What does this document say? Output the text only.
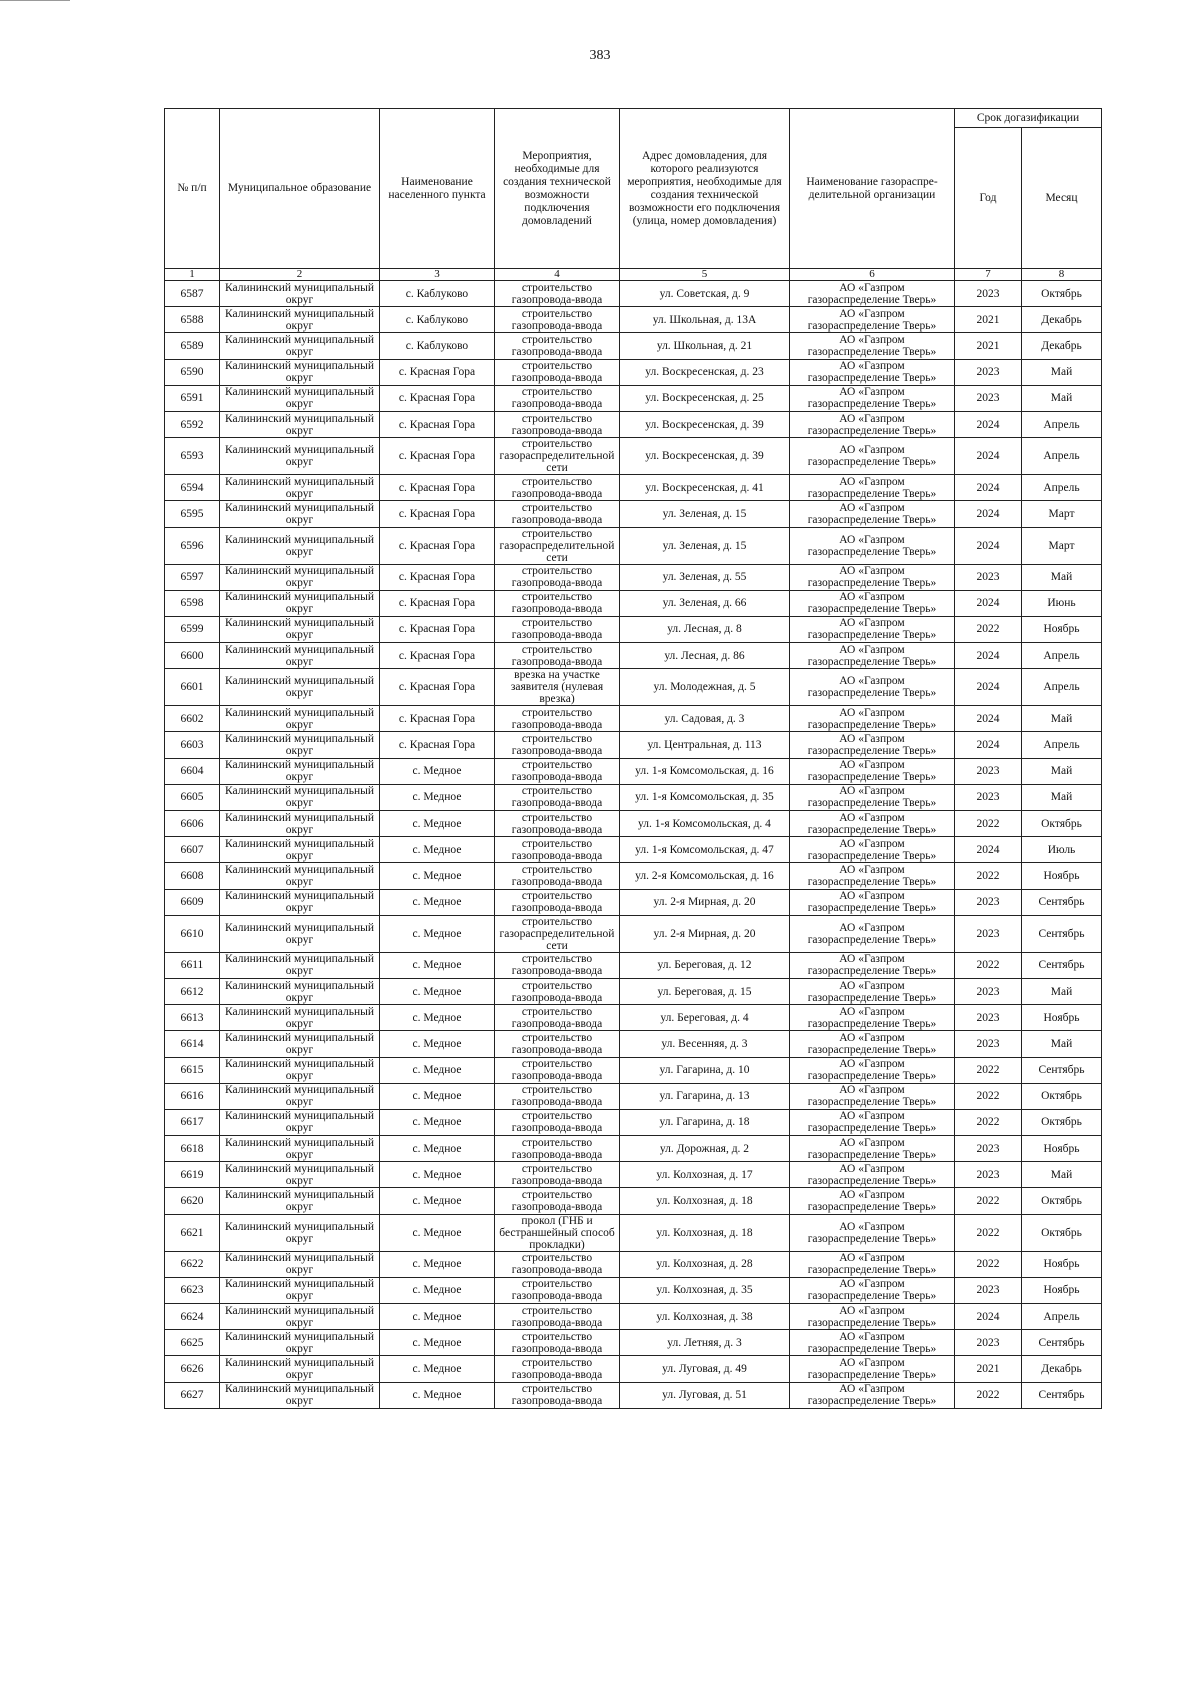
383
№ п/п	Муниципальное образование	Наименование населенного пункта	Мероприятия, необходимые для создания технической возможности подключения домовладений	Адрес домовладения, для которого реализуются мероприятия, необходимые для создания технической возможности его подключения (улица, номер домовладения)	Наименование газораспре-делительной организации	Срок догазификации	
						Год	Месяц
1	2	3	4	5	6	7	8
6587	Калининский муниципальный округ	с. Каблуково	строительство газопровода-ввода	ул. Советская, д. 9	АО «Газпром газораспределение Тверь»	2023	Октябрь
6588	Калининский муниципальный округ	с. Каблуково	строительство газопровода-ввода	ул. Школьная, д. 13А	АО «Газпром газораспределение Тверь»	2021	Декабрь
6589	Калининский муниципальный округ	с. Каблуково	строительство газопровода-ввода	ул. Школьная, д. 21	АО «Газпром газораспределение Тверь»	2021	Декабрь
6590	Калининский муниципальный округ	с. Красная Гора	строительство газопровода-ввода	ул. Воскресенская, д. 23	АО «Газпром газораспределение Тверь»	2023	Май
6591	Калининский муниципальный округ	с. Красная Гора	строительство газопровода-ввода	ул. Воскресенская, д. 25	АО «Газпром газораспределение Тверь»	2023	Май
6592	Калининский муниципальный округ	с. Красная Гора	строительство газопровода-ввода	ул. Воскресенская, д. 39	АО «Газпром газораспределение Тверь»	2024	Апрель
6593	Калининский муниципальный округ	с. Красная Гора	строительство газораспределительной сети	ул. Воскресенская, д. 39	АО «Газпром газораспределение Тверь»	2024	Апрель
6594	Калининский муниципальный округ	с. Красная Гора	строительство газопровода-ввода	ул. Воскресенская, д. 41	АО «Газпром газораспределение Тверь»	2024	Апрель
6595	Калининский муниципальный округ	с. Красная Гора	строительство газопровода-ввода	ул. Зеленая, д. 15	АО «Газпром газораспределение Тверь»	2024	Март
6596	Калининский муниципальный округ	с. Красная Гора	строительство газораспределительной сети	ул. Зеленая, д. 15	АО «Газпром газораспределение Тверь»	2024	Март
6597	Калининский муниципальный округ	с. Красная Гора	строительство газопровода-ввода	ул. Зеленая, д. 55	АО «Газпром газораспределение Тверь»	2023	Май
6598	Калининский муниципальный округ	с. Красная Гора	строительство газопровода-ввода	ул. Зеленая, д. 66	АО «Газпром газораспределение Тверь»	2024	Июнь
6599	Калининский муниципальный округ	с. Красная Гора	строительство газопровода-ввода	ул. Лесная, д. 8	АО «Газпром газораспределение Тверь»	2022	Ноябрь
6600	Калининский муниципальный округ	с. Красная Гора	строительство газопровода-ввода	ул. Лесная, д. 86	АО «Газпром газораспределение Тверь»	2024	Апрель
6601	Калининский муниципальный округ	с. Красная Гора	врезка на участке заявителя (нулевая врезка)	ул. Молодежная, д. 5	АО «Газпром газораспределение Тверь»	2024	Апрель
6602	Калининский муниципальный округ	с. Красная Гора	строительство газопровода-ввода	ул. Садовая, д. 3	АО «Газпром газораспределение Тверь»	2024	Май
6603	Калининский муниципальный округ	с. Красная Гора	строительство газопровода-ввода	ул. Центральная, д. 113	АО «Газпром газораспределение Тверь»	2024	Апрель
6604	Калининский муниципальный округ	с. Медное	строительство газопровода-ввода	ул. 1-я Комсомольская, д. 16	АО «Газпром газораспределение Тверь»	2023	Май
6605	Калининский муниципальный округ	с. Медное	строительство газопровода-ввода	ул. 1-я Комсомольская, д. 35	АО «Газпром газораспределение Тверь»	2023	Май
6606	Калининский муниципальный округ	с. Медное	строительство газопровода-ввода	ул. 1-я Комсомольская, д. 4	АО «Газпром газораспределение Тверь»	2022	Октябрь
6607	Калининский муниципальный округ	с. Медное	строительство газопровода-ввода	ул. 1-я Комсомольская, д. 47	АО «Газпром газораспределение Тверь»	2024	Июль
6608	Калининский муниципальный округ	с. Медное	строительство газопровода-ввода	ул. 2-я Комсомольская, д. 16	АО «Газпром газораспределение Тверь»	2022	Ноябрь
6609	Калининский муниципальный округ	с. Медное	строительство газопровода-ввода	ул. 2-я Мирная, д. 20	АО «Газпром газораспределение Тверь»	2023	Сентябрь
6610	Калининский муниципальный округ	с. Медное	строительство газораспределительной сети	ул. 2-я Мирная, д. 20	АО «Газпром газораспределение Тверь»	2023	Сентябрь
6611	Калининский муниципальный округ	с. Медное	строительство газопровода-ввода	ул. Береговая, д. 12	АО «Газпром газораспределение Тверь»	2022	Сентябрь
6612	Калининский муниципальный округ	с. Медное	строительство газопровода-ввода	ул. Береговая, д. 15	АО «Газпром газораспределение Тверь»	2023	Май
6613	Калининский муниципальный округ	с. Медное	строительство газопровода-ввода	ул. Береговая, д. 4	АО «Газпром газораспределение Тверь»	2023	Ноябрь
6614	Калининский муниципальный округ	с. Медное	строительство газопровода-ввода	ул. Весенняя, д. 3	АО «Газпром газораспределение Тверь»	2023	Май
6615	Калининский муниципальный округ	с. Медное	строительство газопровода-ввода	ул. Гагарина, д. 10	АО «Газпром газораспределение Тверь»	2022	Сентябрь
6616	Калининский муниципальный округ	с. Медное	строительство газопровода-ввода	ул. Гагарина, д. 13	АО «Газпром газораспределение Тверь»	2022	Октябрь
6617	Калининский муниципальный округ	с. Медное	строительство газопровода-ввода	ул. Гагарина, д. 18	АО «Газпром газораспределение Тверь»	2022	Октябрь
6618	Калининский муниципальный округ	с. Медное	строительство газопровода-ввода	ул. Дорожная, д. 2	АО «Газпром газораспределение Тверь»	2023	Ноябрь
6619	Калининский муниципальный округ	с. Медное	строительство газопровода-ввода	ул. Колхозная, д. 17	АО «Газпром газораспределение Тверь»	2023	Май
6620	Калининский муниципальный округ	с. Медное	строительство газопровода-ввода	ул. Колхозная, д. 18	АО «Газпром газораспределение Тверь»	2022	Октябрь
6621	Калининский муниципальный округ	с. Медное	прокол (ГНБ и бестраншейный способ прокладки)	ул. Колхозная, д. 18	АО «Газпром газораспределение Тверь»	2022	Октябрь
6622	Калининский муниципальный округ	с. Медное	строительство газопровода-ввода	ул. Колхозная, д. 28	АО «Газпром газораспределение Тверь»	2022	Ноябрь
6623	Калининский муниципальный округ	с. Медное	строительство газопровода-ввода	ул. Колхозная, д. 35	АО «Газпром газораспределение Тверь»	2023	Ноябрь
6624	Калининский муниципальный округ	с. Медное	строительство газопровода-ввода	ул. Колхозная, д. 38	АО «Газпром газораспределение Тверь»	2024	Апрель
6625	Калининский муниципальный округ	с. Медное	строительство газопровода-ввода	ул. Летняя, д. 3	АО «Газпром газораспределение Тверь»	2023	Сентябрь
6626	Калининский муниципальный округ	с. Медное	строительство газопровода-ввода	ул. Луговая, д. 49	АО «Газпром газораспределение Тверь»	2021	Декабрь
6627	Калининский муниципальный округ	с. Медное	строительство газопровода-ввода	ул. Луговая, д. 51	АО «Газпром газораспределение Тверь»	2022	Сентябрь
